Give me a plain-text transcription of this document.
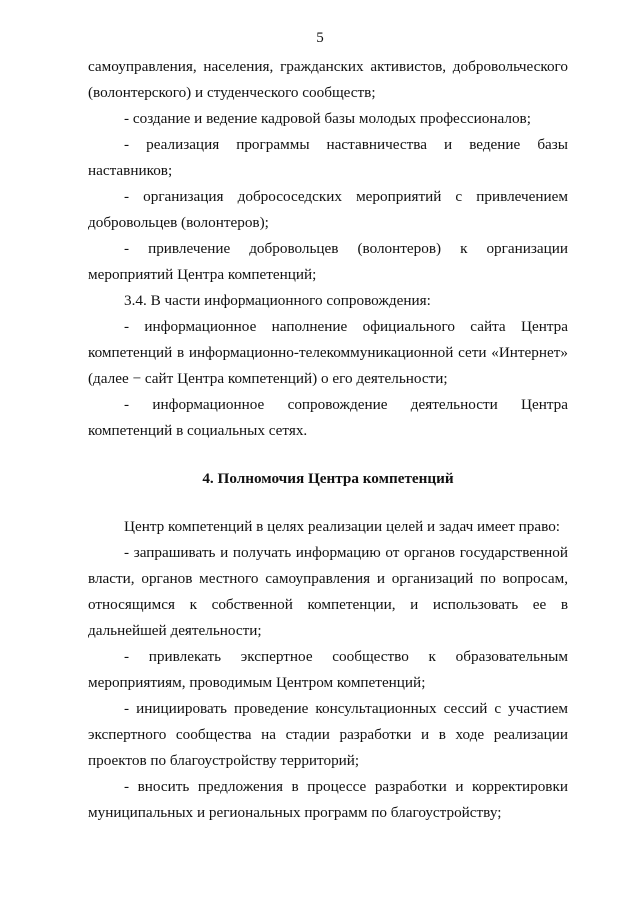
5

самоуправления, населения, гражданских активистов, добровольческого (волонтерского) и студенческого сообществ;

- создание и ведение кадровой базы молодых профессионалов;

- реализация программы наставничества и ведение базы наставников;

- организация добрососедских мероприятий с привлечением добровольцев (волонтеров);

- привлечение добровольцев (волонтеров) к организации мероприятий Центра компетенций;

3.4. В части информационного сопровождения:

- информационное наполнение официального сайта Центра компетенций в информационно-телекоммуникационной сети «Интернет» (далее − сайт Центра компетенций) о его деятельности;

- информационное сопровождение деятельности Центра компетенций в социальных сетях.

4. Полномочия Центра компетенций

Центр компетенций в целях реализации целей и задач имеет право:

- запрашивать и получать информацию от органов государственной власти, органов местного самоуправления и организаций по вопросам, относящимся к собственной компетенции, и использовать ее в дальнейшей деятельности;

- привлекать экспертное сообщество к образовательным мероприятиям, проводимым Центром компетенций;

- инициировать проведение консультационных сессий с участием экспертного сообщества на стадии разработки и в ходе реализации проектов по благоустройству территорий;

- вносить предложения в процессе разработки и корректировки муниципальных и региональных программ по благоустройству;
